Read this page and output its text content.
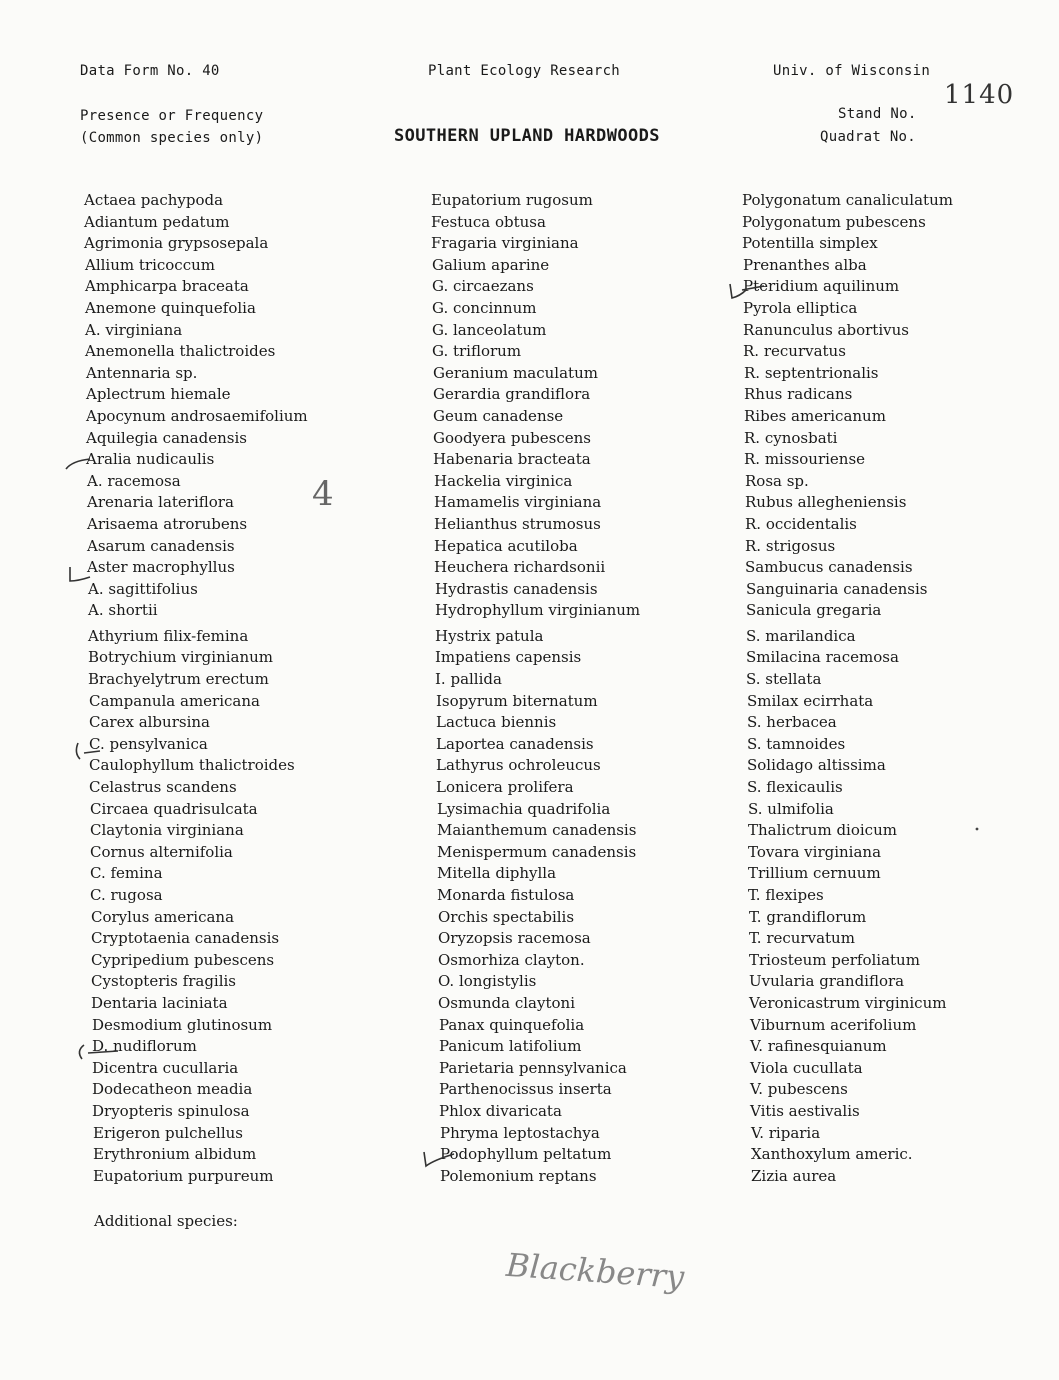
Data Form No. 40	Plant Ecology Research	Univ. of Wisconsin
Presence or Frequency
(Common species only)	SOUTHERN UPLAND HARDWOODS
Stand No.
Quadrat No.
1140
Actaea pachypoda
Adiantum pedatum
Agrimonia grypsosepala
Allium tricoccum
Amphicarpa braceata
Anemone quinquefolia
A. virginiana
Anemonella thalictroides
Antennaria sp.
Aplectrum hiemale
Apocynum androsaemifolium
Aquilegia canadensis
Aralia nudicaulis
A. racemosa
Arenaria lateriflora
Arisaema atrorubens
Asarum canadensis
Aster macrophyllus
A. sagittifolius
A. shortii
Athyrium filix-femina
Botrychium virginianum
Brachyelytrum erectum
Campanula americana
Carex albursina
C. pensylvanica
Caulophyllum thalictroides
Celastrus scandens
Circaea quadrisulcata
Claytonia virginiana
Cornus alternifolia
C. femina
C. rugosa
Corylus americana
Cryptotaenia canadensis
Cypripedium pubescens
Cystopteris fragilis
Dentaria laciniata
Desmodium glutinosum
D. nudiflorum
Dicentra cucullaria
Dodecatheon meadia
Dryopteris spinulosa
Erigeron pulchellus
Erythronium albidum
Eupatorium purpureum
Eupatorium rugosum
Festuca obtusa
Fragaria virginiana
Galium aparine
G. circaezans
G. concinnum
G. lanceolatum
G. triflorum
Geranium maculatum
Gerardia grandiflora
Geum canadense
Goodyera pubescens
Habenaria bracteata
Hackelia virginica
Hamamelis virginiana
Helianthus strumosus
Hepatica acutiloba
Heuchera richardsonii
Hydrastis canadensis
Hydrophyllum virginianum
Hystrix patula
Impatiens capensis
I. pallida
Isopyrum biternatum
Lactuca biennis
Laportea canadensis
Lathyrus ochroleucus
Lonicera prolifera
Lysimachia quadrifolia
Maianthemum canadensis
Menispermum canadensis
Mitella diphylla
Monarda fistulosa
Orchis spectabilis
Oryzopsis racemosa
Osmorhiza clayton.
O. longistylis
Osmunda claytoni
Panax quinquefolia
Panicum latifolium
Parietaria pennsylvanica
Parthenocissus inserta
Phlox divaricata
Phryma leptostachya
Podophyllum peltatum
Polemonium reptans
Polygonatum canaliculatum
Polygonatum pubescens
Potentilla simplex
Prenanthes alba
Pteridium aquilinum
Pyrola elliptica
Ranunculus abortivus
R. recurvatus
R. septentrionalis
Rhus radicans
Ribes americanum
R. cynosbati
R. missouriense
Rosa sp.
Rubus allegheniensis
R. occidentalis
R. strigosus
Sambucus canadensis
Sanguinaria canadensis
Sanicula gregaria
S. marilandica
Smilacina racemosa
S. stellata
Smilax ecirrhata
S. herbacea
S. tamnoides
Solidago altissima
S. flexicaulis
S. ulmifolia
Thalictrum dioicum
Tovara virginiana
Trillium cernuum
T. flexipes
T. grandiflorum
T. recurvatum
Triosteum perfoliatum
Uvularia grandiflora
Veronicastrum virginicum
Viburnum acerifolium
V. rafinesquianum
Viola cucullata
V. pubescens
Vitis aestivalis
V. riparia
Xanthoxylum americ.
Zizia aurea
4
Additional species:
Blackberry
